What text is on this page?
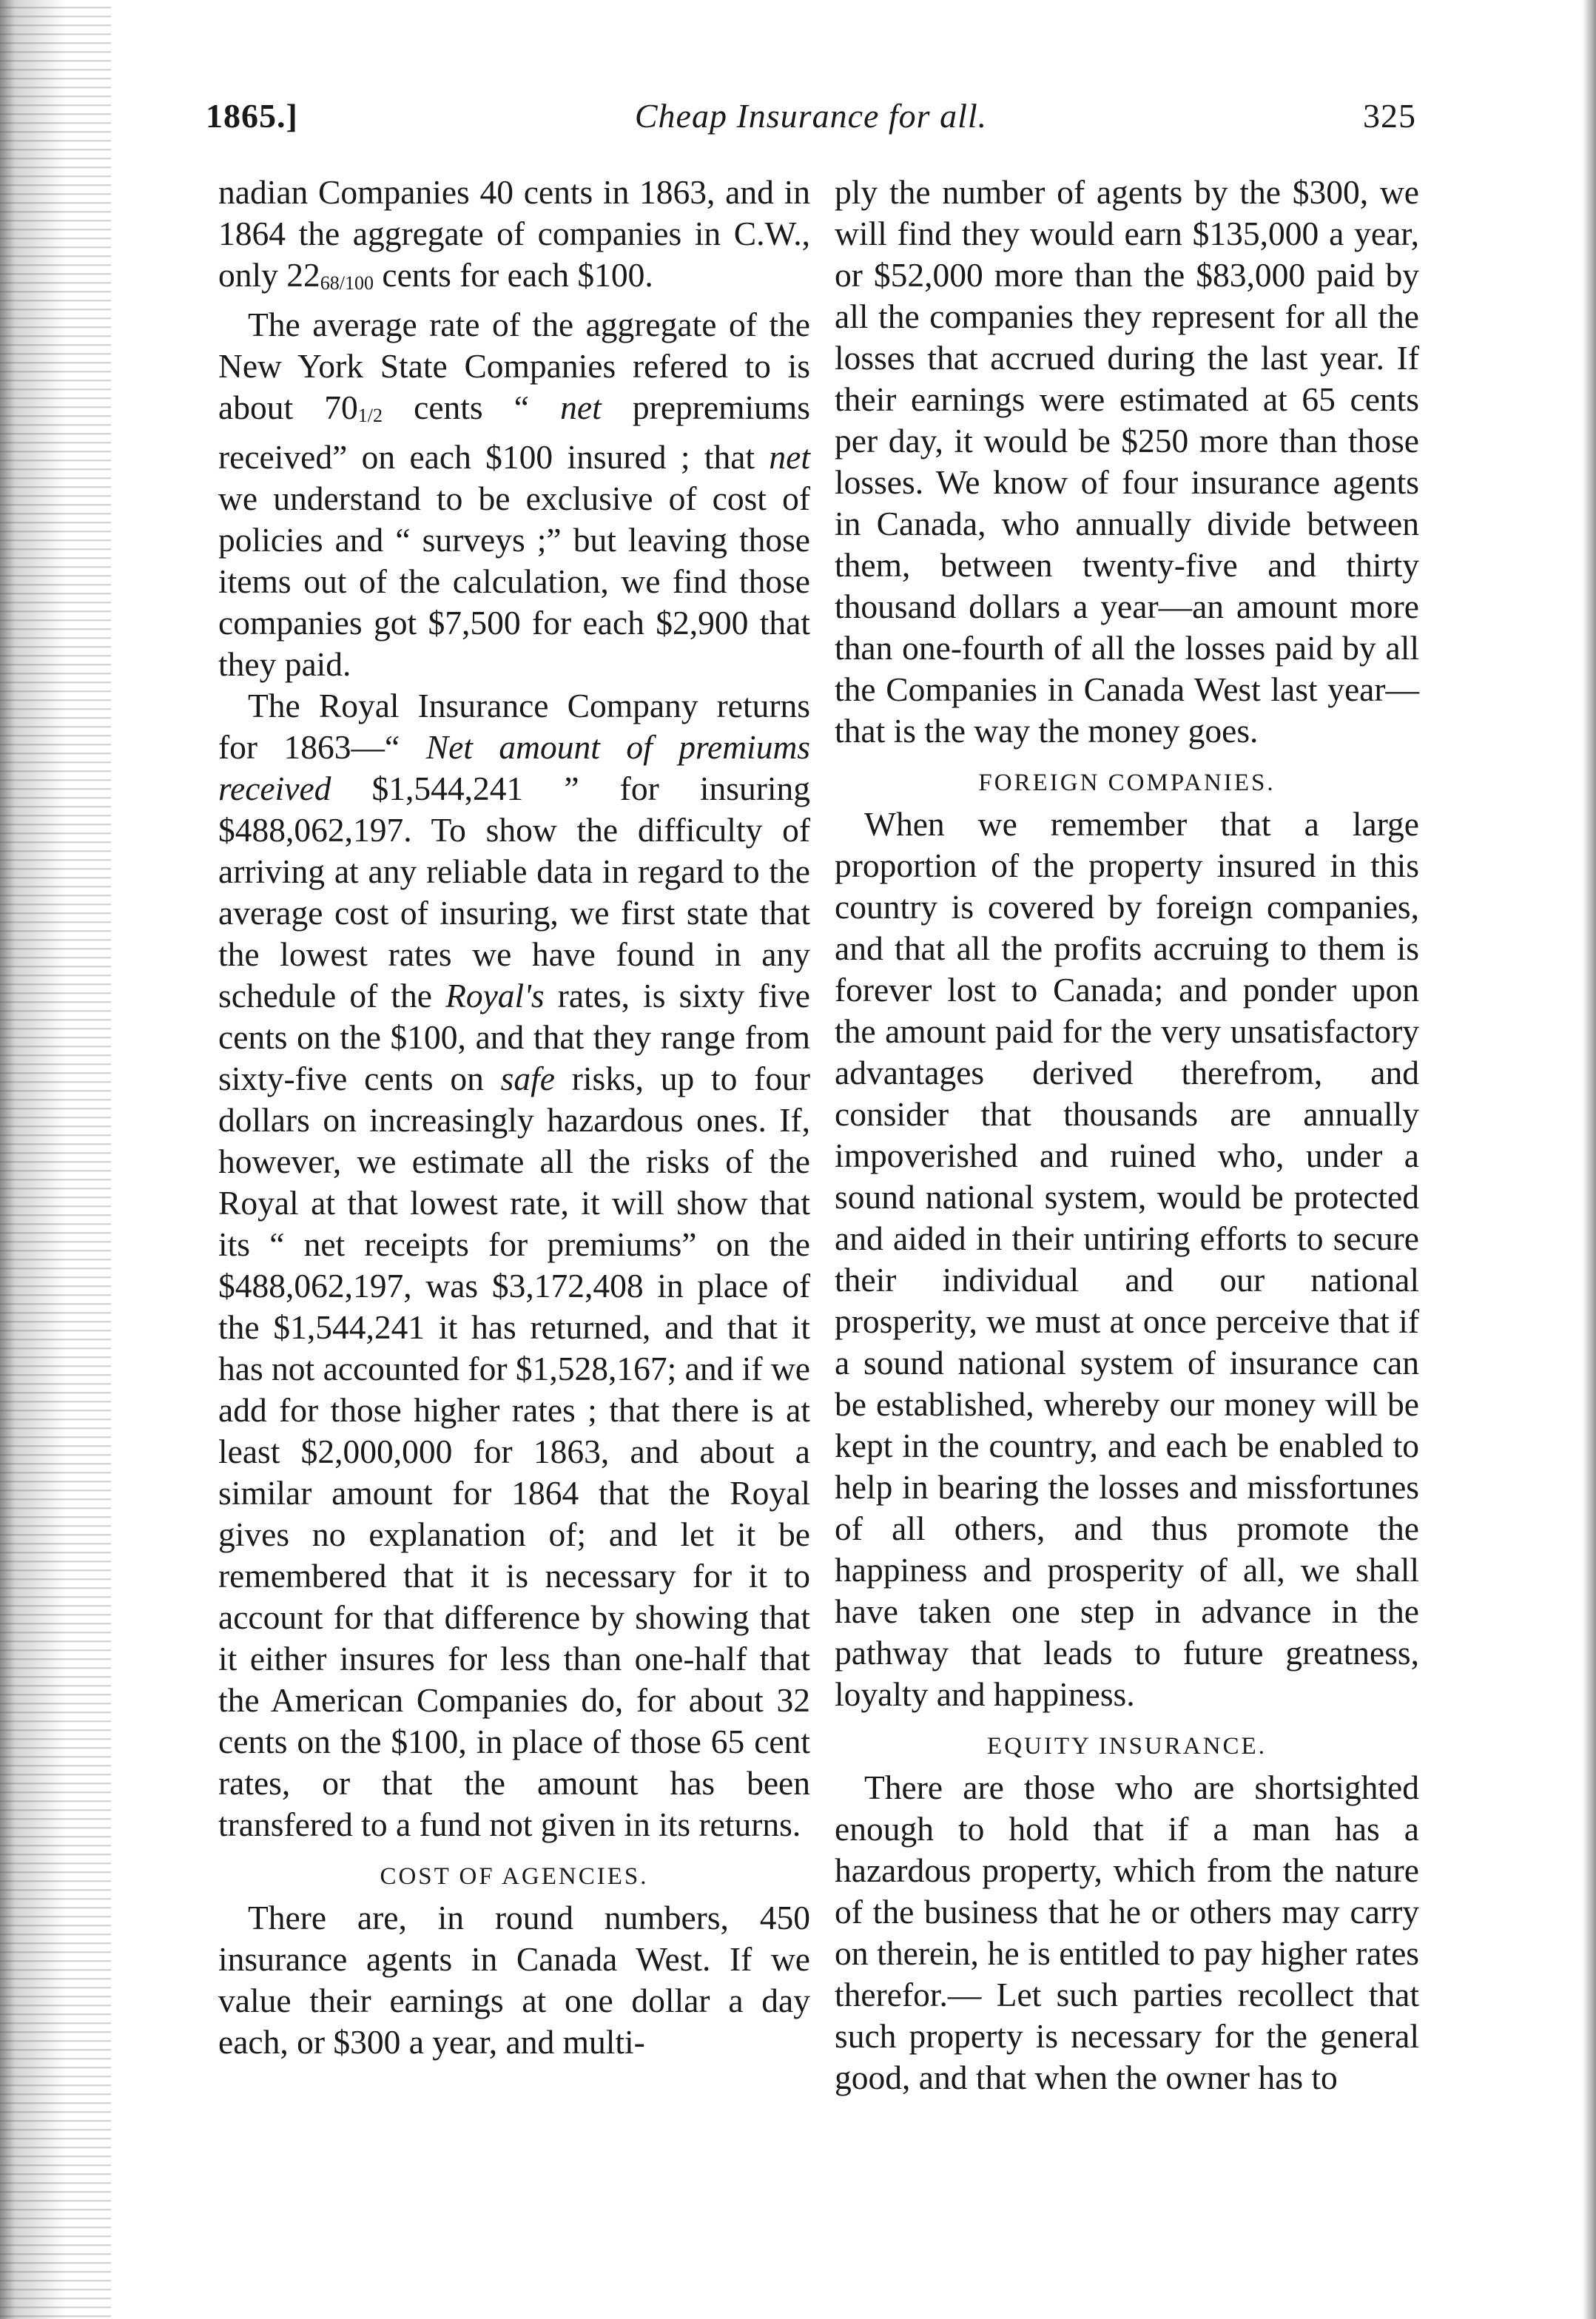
1865.]	Cheap Insurance for all.	325

nadian Companies 40 cents in 1863, and in 1864 the aggregate of companies in C.W., only $22^{68/100}$ cents for each $100.

The average rate of the aggregate of the New York State Companies refered to is about $70^{1/2}$ cents “ net prepremiums received” on each $100 insured ; that net we understand to be exclusive of cost of policies and “ surveys ;” but leaving those items out of the calculation, we find those companies got $7,500 for each $2,900 that they paid.

The Royal Insurance Company returns for 1863—“ Net amount of premiums received $1,544,241 ” for insuring $488,062,197. To show the difficulty of arriving at any reliable data in regard to the average cost of insuring, we first state that the lowest rates we have found in any schedule of the Royal's rates, is sixty five cents on the $100, and that they range from sixty-five cents on safe risks, up to four dollars on increasingly hazardous ones. If, however, we estimate all the risks of the Royal at that lowest rate, it will show that its “ net receipts for premiums” on the $488,062,197, was $3,172,408 in place of the $1,544,241 it has returned, and that it has not accounted for $1,528,167; and if we add for those higher rates ; that there is at least $2,000,000 for 1863, and about a similar amount for 1864 that the Royal gives no explanation of; and let it be remembered that it is necessary for it to account for that difference by showing that it either insures for less than one-half that the American Companies do, for about 32 cents on the $100, in place of those 65 cent rates, or that the amount has been transfered to a fund not given in its returns.

COST OF AGENCIES.

There are, in round numbers, 450 insurance agents in Canada West. If we value their earnings at one dollar a day each, or $300 a year, and multi-

ply the number of agents by the $300, we will find they would earn $135,000 a year, or $52,000 more than the $83,000 paid by all the companies they represent for all the losses that accrued during the last year. If their earnings were estimated at 65 cents per day, it would be $250 more than those losses. We know of four insurance agents in Canada, who annually divide between them, between twenty-five and thirty thousand dollars a year—an amount more than one-fourth of all the losses paid by all the Companies in Canada West last year—that is the way the money goes.

FOREIGN COMPANIES.

When we remember that a large proportion of the property insured in this country is covered by foreign companies, and that all the profits accruing to them is forever lost to Canada; and ponder upon the amount paid for the very unsatisfactory advantages derived therefrom, and consider that thousands are annually impoverished and ruined who, under a sound national system, would be protected and aided in their untiring efforts to secure their individual and our national prosperity, we must at once perceive that if a sound national system of insurance can be established, whereby our money will be kept in the country, and each be enabled to help in bearing the losses and missfortunes of all others, and thus promote the happiness and prosperity of all, we shall have taken one step in advance in the pathway that leads to future greatness, loyalty and happiness.

EQUITY INSURANCE.

There are those who are shortsighted enough to hold that if a man has a hazardous property, which from the nature of the business that he or others may carry on therein, he is entitled to pay higher rates therefor.— Let such parties recollect that such property is necessary for the general good, and that when the owner has to
